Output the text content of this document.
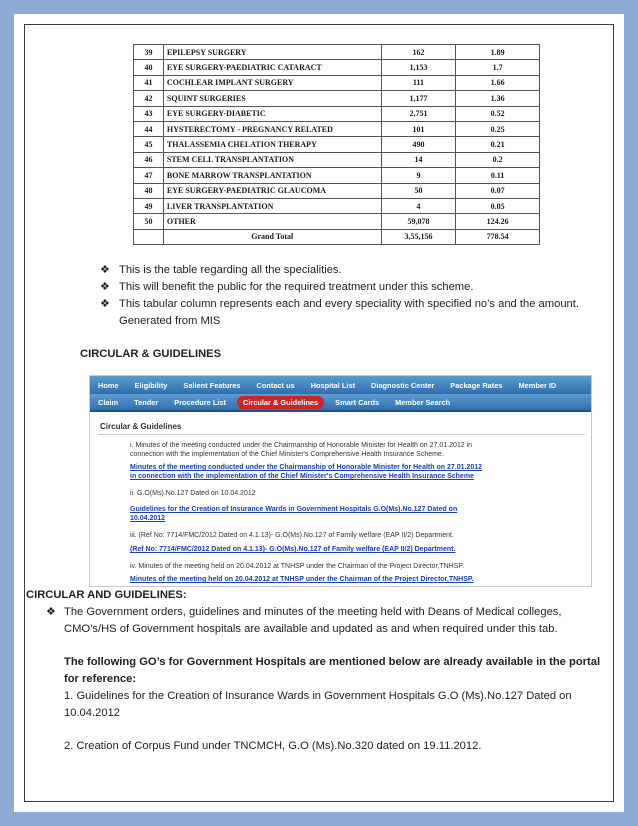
39	EPILEPSY SURGERY	162	1.89
40	EYE SURGERY-PAEDIATRIC CATARACT	1,153	1.7
41	COCHLEAR IMPLANT SURGERY	111	1.66
42	SQUINT SURGERIES	1,177	1.36
43	EYE SURGERY-DIABETIC	2,751	0.52
44	HYSTERECTOMY - PREGNANCY RELATED	101	0.25
45	THALASSEMIA CHELATION THERAPY	490	0.21
46	STEM CELL TRANSPLANTATION	14	0.2
47	BONE MARROW TRANSPLANTATION	9	0.11
48	EYE SURGERY-PAEDIATRIC GLAUCOMA	50	0.07
49	LIVER TRANSPLANTATION	4	0.05
50	OTHER	59,078	124.26
	Grand Total	3,55,156	778.54
❖ This is the table regarding all the specialities.
❖ This will benefit the public for the required treatment under this scheme.
❖ This tabular column represents each and every speciality with specified no’s and the amount. Generated from MIS
CIRCULAR & GUIDELINES
Home	Eligibility	Salient Features	Contact us	Hospital List	Diagnostic Center	Package Rates	Member ID
Claim	Tender	Procedure List	Circular & Guidelines	Smart Cards	Member Search
Circular & Guidelines
i. Minutes of the meeting conducted under the Chairmanship of Honorable Minister for Health on 27.01.2012 in
connection with the implementation of the Chief Minister's Comprehensive Health Insurance Scheme.
Minutes of the meeting conducted under the Chairmanship of Honorable Minister for Health on 27.01.2012
in connection with the implementation of the Chief Minister's Comprehensive Health Insurance Scheme
ii. G.O(Ms).No.127 Dated on 10.04.2012
Guidelines for the Creation of Insurance Wards in Government Hospitals G.O(Ms).No.127 Dated on
10.04.2012
iii. (Ref No: 7714/FMC/2012 Dated on 4.1.13)- G.O(Ms).No.127 of Family welfare (EAP II/2) Department.
(Ref No: 7714/FMC/2012 Dated on 4.1.13)- G.O(Ms).No.127 of Family welfare (EAP II/2) Department.
iv. Minutes of the meeting held on 20.04.2012 at TNHSP under the Chairman of the Project Director,TNHSP.
Minutes of the meeting held on 20.04.2012 at TNHSP under the Chairman of the Project Director,TNHSP.
CIRCULAR AND GUIDELINES:
❖ The Government orders, guidelines and minutes of the meeting held with Deans of Medical colleges, CMO’s/HS of Government hospitals are available and updated as and when required under this tab.

The following GO’s for Government Hospitals are mentioned below are already available in the portal for reference:

1. Guidelines for the Creation of Insurance Wards in Government Hospitals G.O (Ms).No.127 Dated on 10.04.2012

2. Creation of Corpus Fund under TNCMCH, G.O (Ms).No.320 dated on 19.11.2012.
